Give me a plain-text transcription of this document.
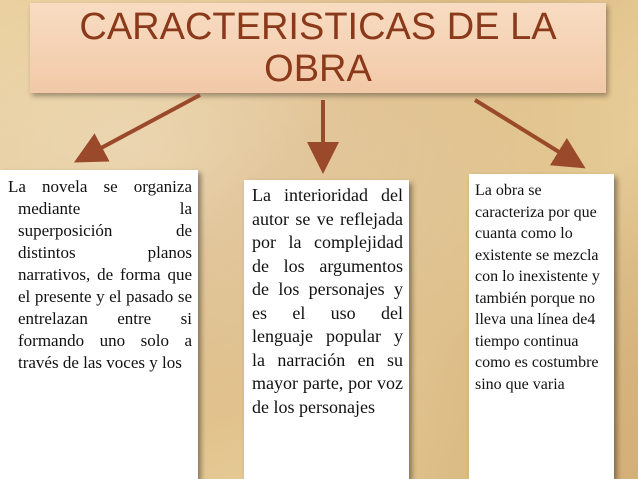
CARACTERISTICAS DE LA
OBRA
La novela se organiza mediante la superposición de distintos planos narrativos, de forma que el presente y el pasado se entrelazan entre si formando uno solo a través de las voces y los
La interioridad del autor se ve reflejada por la complejidad de los argumentos de los personajes y es el uso del lenguaje popular y la narración en su mayor parte, por voz de los personajes
La obra se caracteriza por que cuanta como lo existente se mezcla con lo inexistente y también porque no lleva una línea de4 tiempo continua como es costumbre sino que varia
